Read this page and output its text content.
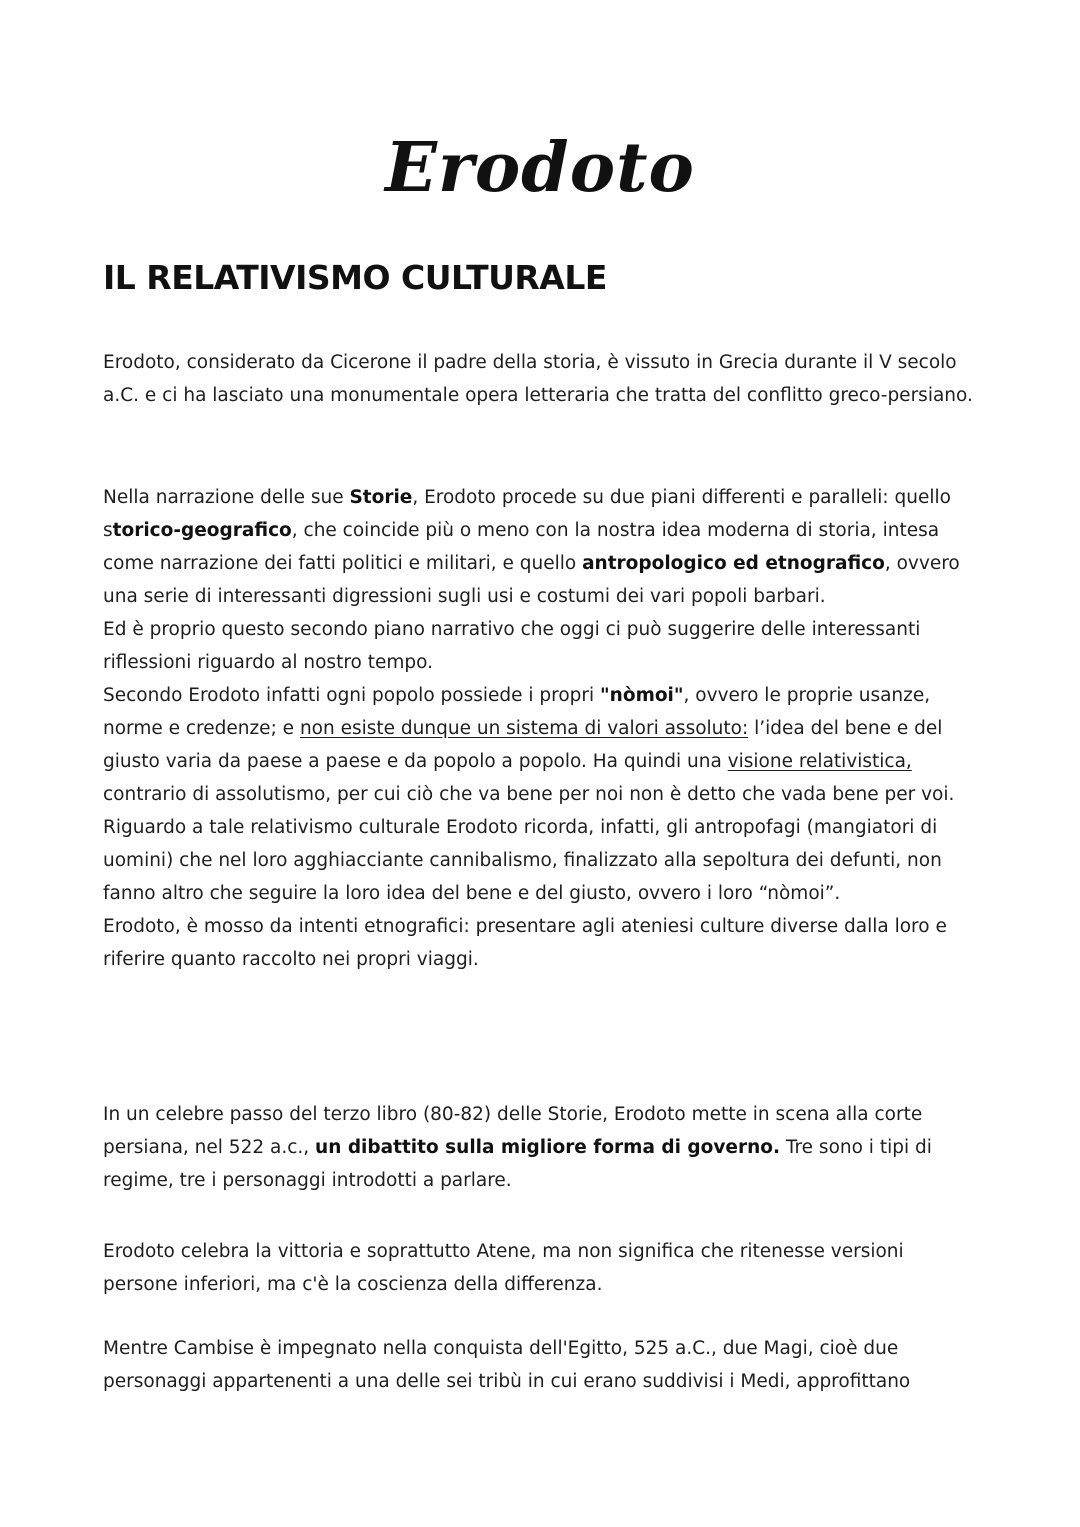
Erodoto
IL RELATIVISMO CULTURALE

Erodoto, considerato da Cicerone il padre della storia, è vissuto in Grecia durante il V secolo a.C. e ci ha lasciato una monumentale opera letteraria che tratta del conflitto greco-persiano.

Nella narrazione delle sue Storie, Erodoto procede su due piani differenti e paralleli: quello storico-geografico, che coincide più o meno con la nostra idea moderna di storia, intesa come narrazione dei fatti politici e militari, e quello antropologico ed etnografico, ovvero una serie di interessanti digressioni sugli usi e costumi dei vari popoli barbari.
Ed è proprio questo secondo piano narrativo che oggi ci può suggerire delle interessanti riflessioni riguardo al nostro tempo.
Secondo Erodoto infatti ogni popolo possiede i propri "nòmoi", ovvero le proprie usanze, norme e credenze; e non esiste dunque un sistema di valori assoluto: l’idea del bene e del giusto varia da paese a paese e da popolo a popolo. Ha quindi una visione relativistica, contrario di assolutismo, per cui ciò che va bene per noi non è detto che vada bene per voi.
Riguardo a tale relativismo culturale Erodoto ricorda, infatti, gli antropofagi (mangiatori di uomini) che nel loro agghiacciante cannibalismo, finalizzato alla sepoltura dei defunti, non fanno altro che seguire la loro idea del bene e del giusto, ovvero i loro “nòmoi”.
Erodoto, è mosso da intenti etnografici: presentare agli ateniesi culture diverse dalla loro e riferire quanto raccolto nei propri viaggi.

In un celebre passo del terzo libro (80-82) delle Storie, Erodoto mette in scena alla corte persiana, nel 522 a.c., un dibattito sulla migliore forma di governo. Tre sono i tipi di regime, tre i personaggi introdotti a parlare.

Erodoto celebra la vittoria e soprattutto Atene, ma non significa che ritenesse versioni persone inferiori, ma c'è la coscienza della differenza.

Mentre Cambise è impegnato nella conquista dell'Egitto, 525 a.C., due Magi, cioè due personaggi appartenenti a una delle sei tribù in cui erano suddivisi i Medi, approfittano
